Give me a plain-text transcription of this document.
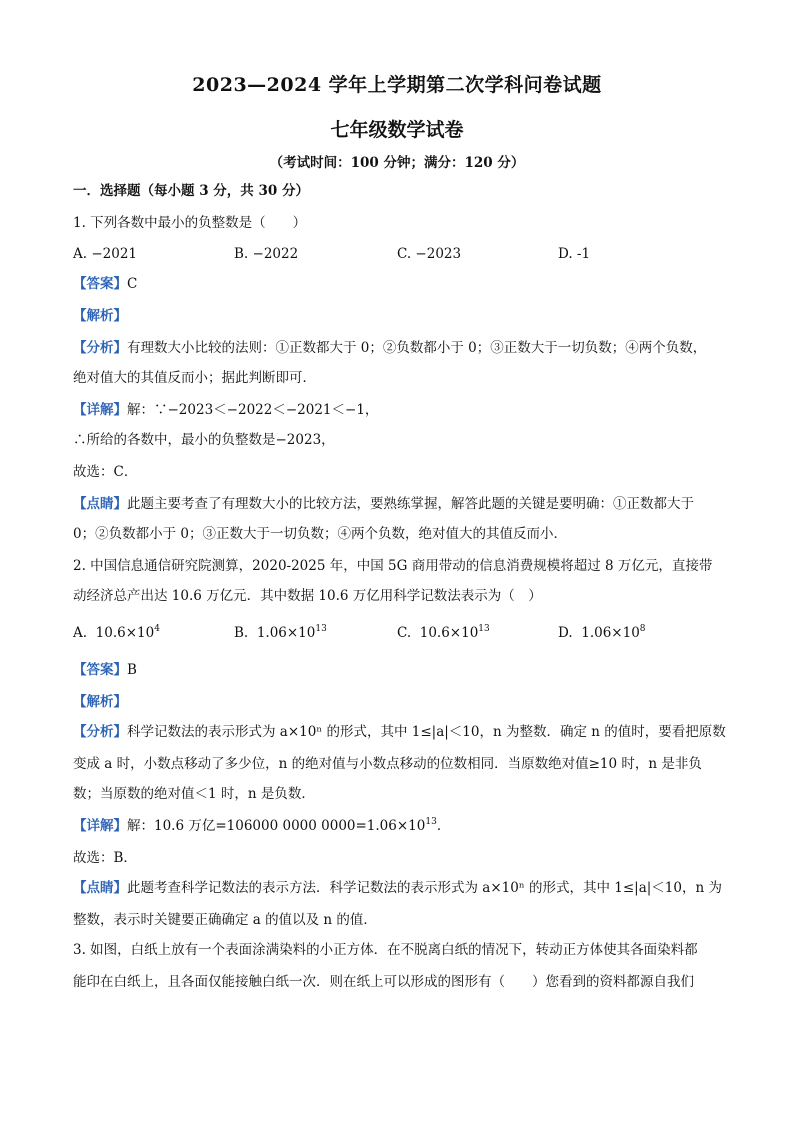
2023—2024 学年上学期第二次学科问卷试题
七年级数学试卷
（考试时间：100 分钟；满分：120 分）
一．选择题（每小题 3 分，共 30 分）
1. 下列各数中最小的负整数是（　　）
A. −2021	B. −2022	C. −2023	D. -1
【答案】C
【解析】
【分析】有理数大小比较的法则：①正数都大于 0；②负数都小于 0；③正数大于一切负数；④两个负数，
绝对值大的其值反而小；据此判断即可．
【详解】解：∵−2023＜−2022＜−2021＜−1，
∴所给的各数中，最小的负整数是−2023，
故选：C．
【点睛】此题主要考查了有理数大小的比较方法，要熟练掌握，解答此题的关键是要明确：①正数都大于
0；②负数都小于 0；③正数大于一切负数；④两个负数，绝对值大的其值反而小．
2. 中国信息通信研究院测算，2020-2025 年，中国 5G 商用带动的信息消费规模将超过 8 万亿元，直接带
动经济总产出达 10.6 万亿元．其中数据 10.6 万亿用科学记数法表示为（　）
A. $10.6\times 10^4$	B. $1.06\times 10^{13}$	C. $10.6\times 10^{13}$	D. $1.06\times 10^8$
【答案】B
【解析】
【分析】科学记数法的表示形式为 a×10ⁿ 的形式，其中 1≤|a|＜10，n 为整数．确定 n 的值时，要看把原数
变成 a 时，小数点移动了多少位，n 的绝对值与小数点移动的位数相同．当原数绝对值≥10 时，n 是非负
数；当原数的绝对值＜1 时，n 是负数．
【详解】解：10.6 万亿=106000 0000 $0000=1.06\times 10^{13}$．
故选：B．
【点睛】此题考查科学记数法的表示方法．科学记数法的表示形式为 a×10ⁿ 的形式，其中 1≤|a|＜10，n 为
整数，表示时关键要正确确定 a 的值以及 n 的值．
3. 如图，白纸上放有一个表面涂满染料的小正方体．在不脱离白纸的情况下，转动正方体使其各面染料都
能印在白纸上，且各面仅能接触白纸一次．则在纸上可以形成的图形有（　　）您看到的资料都源自我们
